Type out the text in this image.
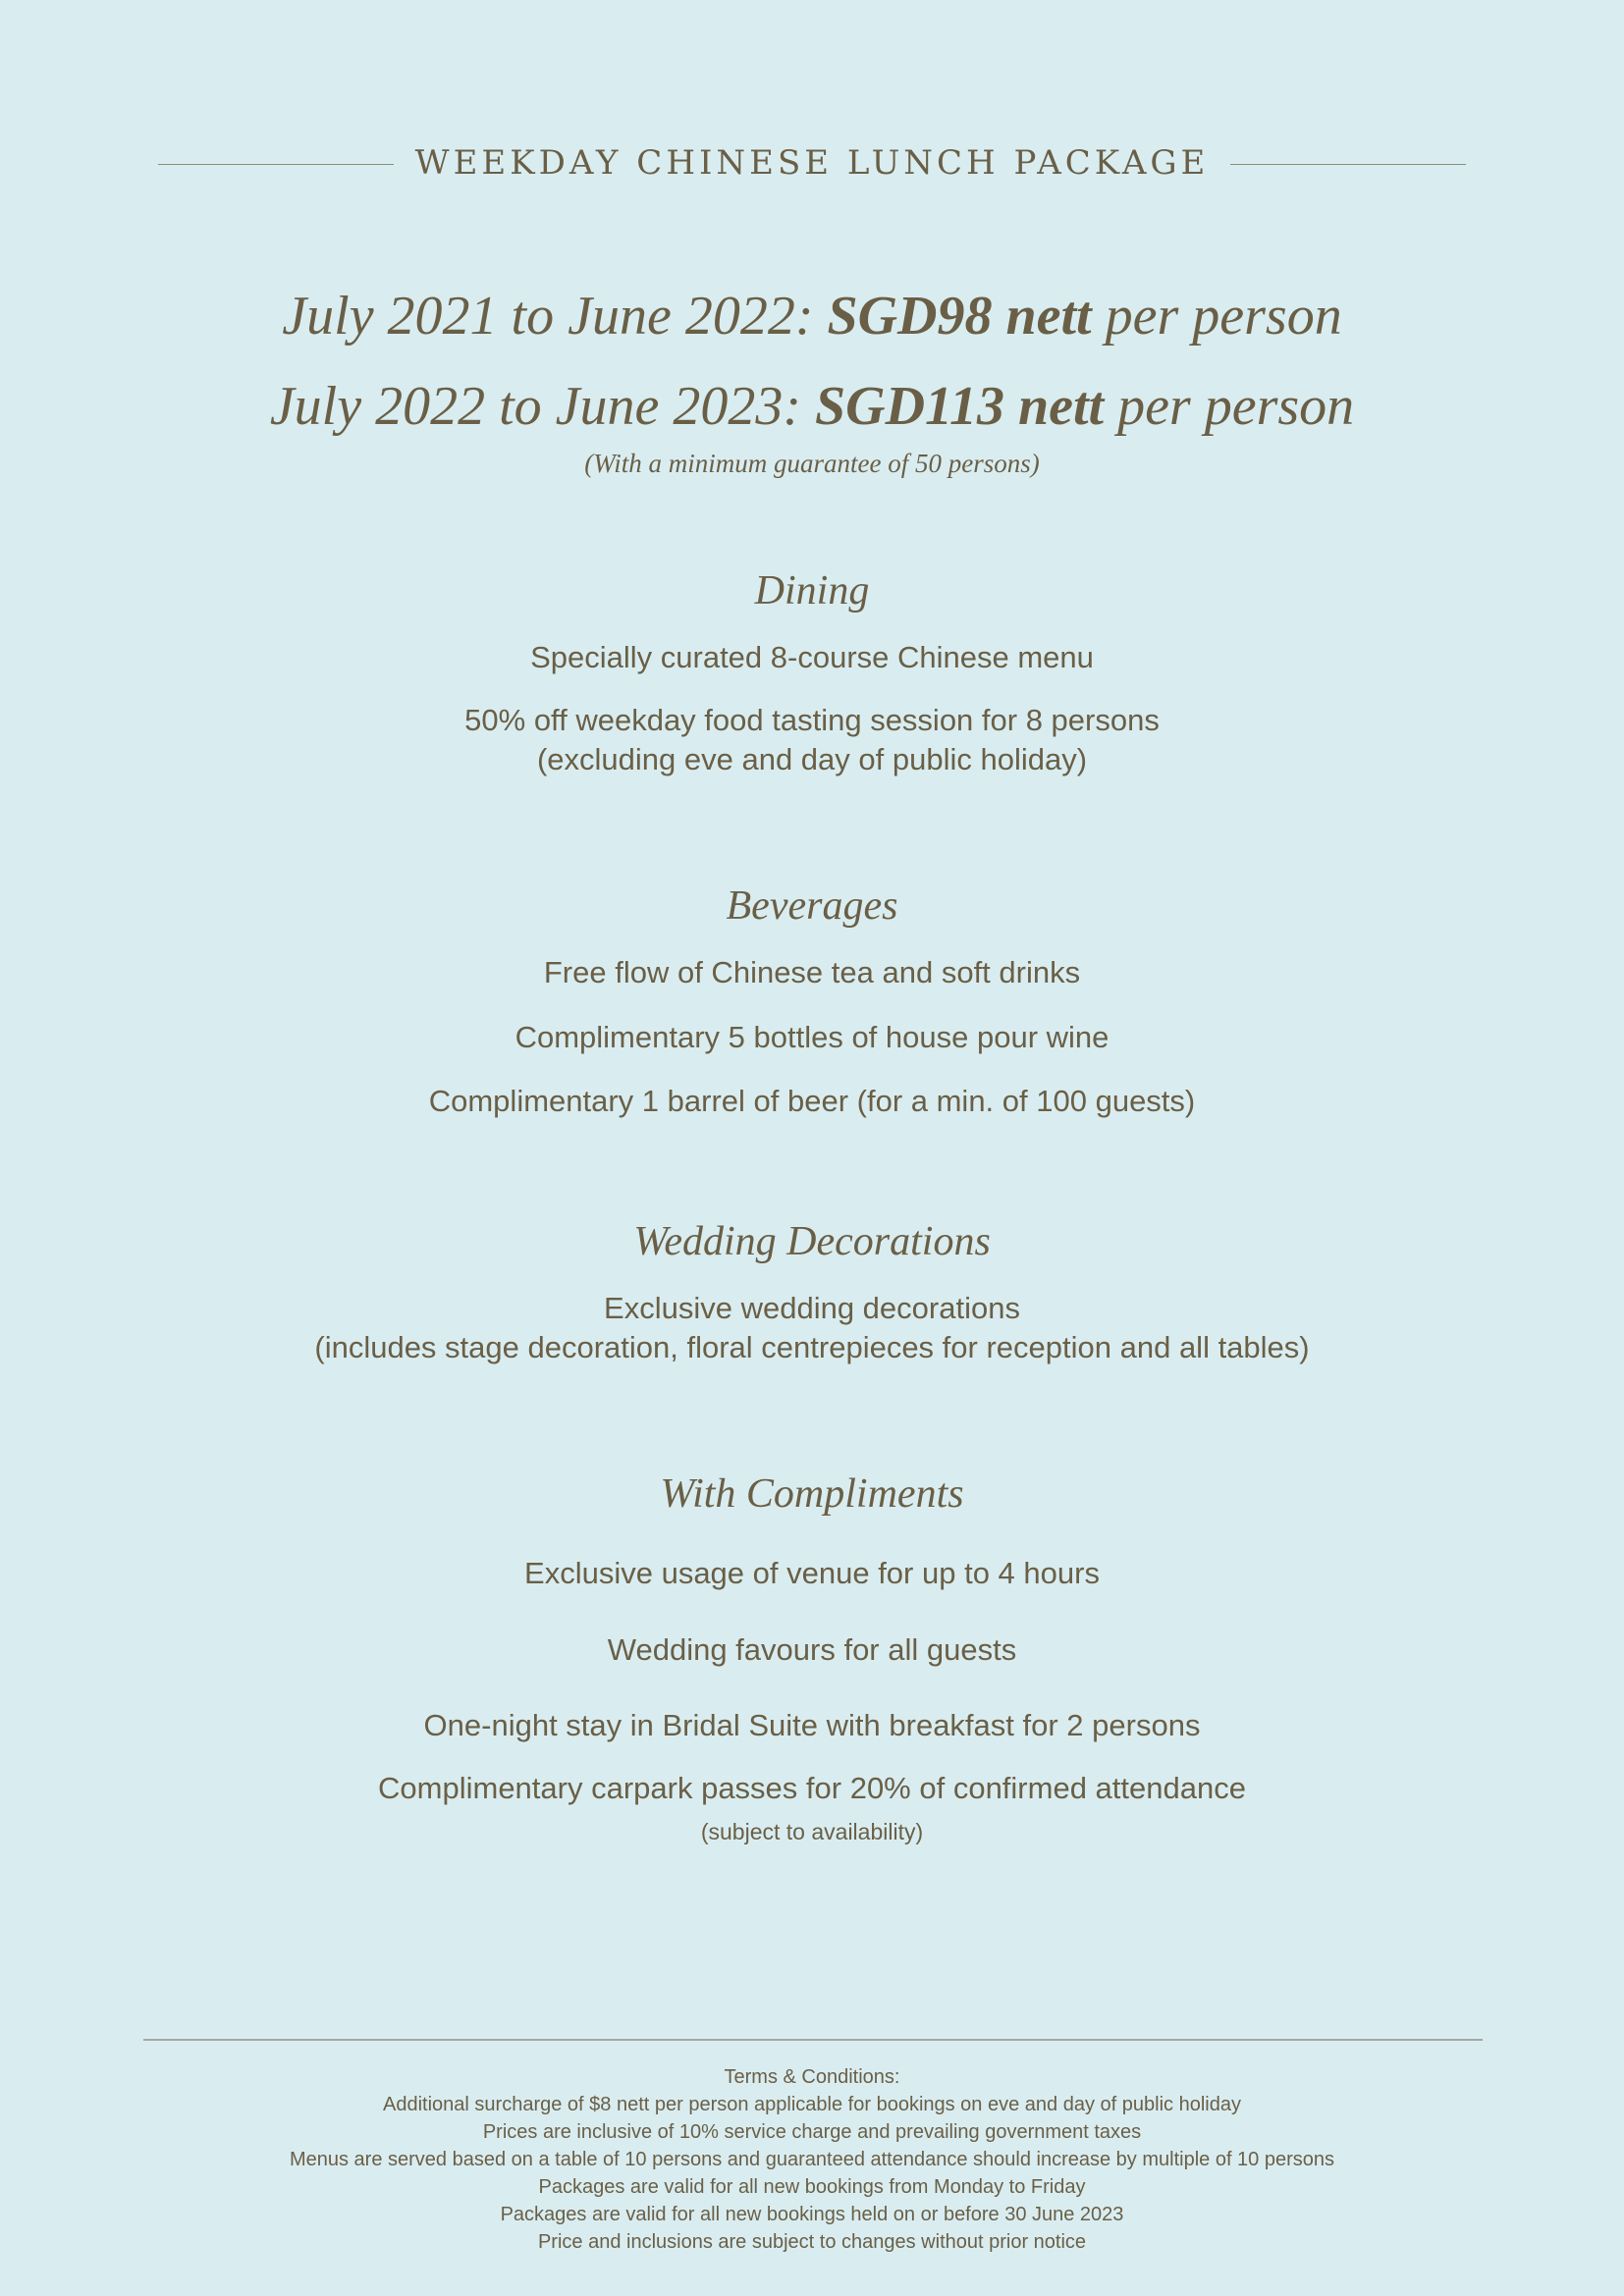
WEEKDAY CHINESE LUNCH PACKAGE
July 2021 to June 2022: SGD98 nett per person
July 2022 to June 2023: SGD113 nett per person
(With a minimum guarantee of 50 persons)
Dining
Specially curated 8-course Chinese menu
50% off weekday food tasting session for 8 persons
(excluding eve and day of public holiday)
Beverages
Free flow of Chinese tea and soft drinks
Complimentary 5 bottles of house pour wine
Complimentary 1 barrel of beer (for a min. of 100 guests)
Wedding Decorations
Exclusive wedding decorations
(includes stage decoration, floral centrepieces for reception and all tables)
With Compliments
Exclusive usage of venue for up to 4 hours
Wedding favours for all guests
One-night stay in Bridal Suite with breakfast for 2 persons
Complimentary carpark passes for 20% of confirmed attendance
(subject to availability)
Terms & Conditions:
Additional surcharge of $8 nett per person applicable for bookings on eve and day of public holiday
Prices are inclusive of 10% service charge and prevailing government taxes
Menus are served based on a table of 10 persons and guaranteed attendance should increase by multiple of 10 persons
Packages are valid for all new bookings from Monday to Friday
Packages are valid for all new bookings held on or before 30 June 2023
Price and inclusions are subject to changes without prior notice
